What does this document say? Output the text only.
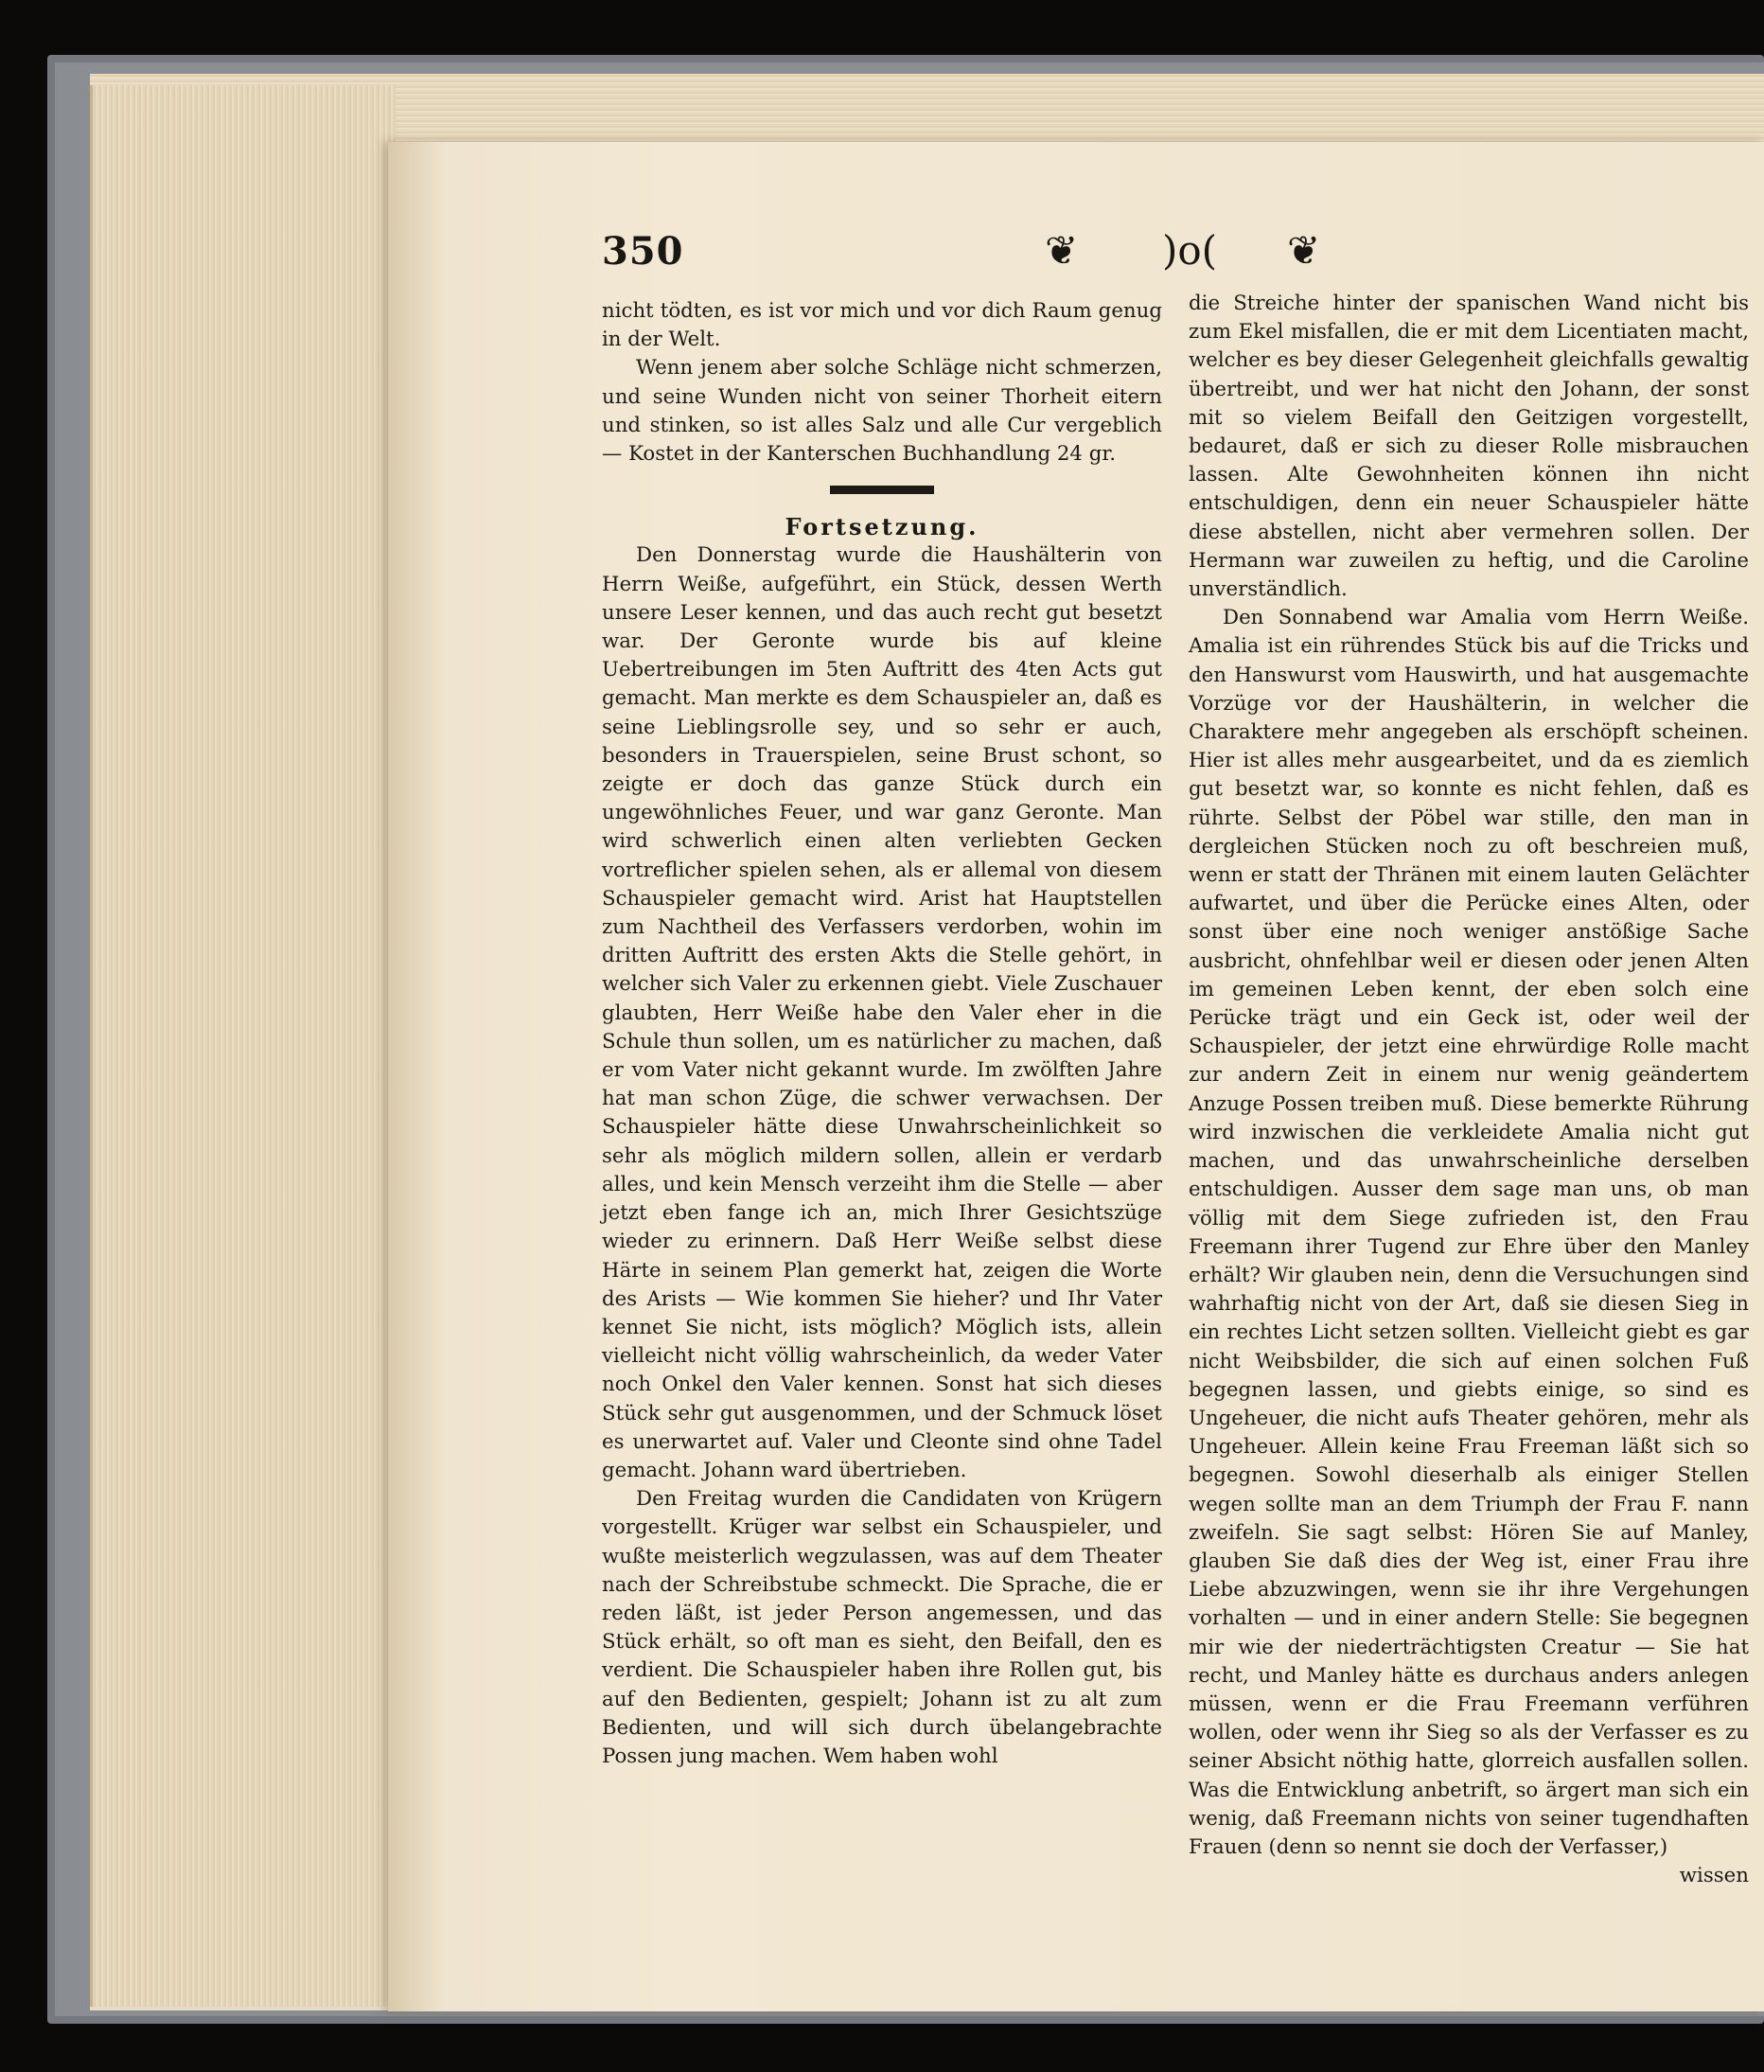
350	❦ )o( ❦

nicht tödten, es ist vor mich und vor dich Raum genug in der Welt.

Wenn jenem aber solche Schläge nicht schmerzen, und seine Wunden nicht von seiner Thorheit eitern und stinken, so ist alles Salz und alle Cur vergeblich — Kostet in der Kanterschen Buchhandlung 24 gr.

Fortsetzung.

Den Donnerstag wurde die Haushälterin von Herrn Weiße, aufgeführt, ein Stück, dessen Werth unsere Leser kennen, und das auch recht gut besetzt war. Der Geronte wurde bis auf kleine Uebertreibungen im 5ten Auftritt des 4ten Acts gut gemacht. Man merkte es dem Schauspieler an, daß es seine Lieblingsrolle sey, und so sehr er auch, besonders in Trauerspielen, seine Brust schont, so zeigte er doch das ganze Stück durch ein ungewöhnliches Feuer, und war ganz Geronte. Man wird schwerlich einen alten verliebten Gecken vortreflicher spielen sehen, als er allemal von diesem Schauspieler gemacht wird. Arist hat Hauptstellen zum Nachtheil des Verfassers verdorben, wohin im dritten Auftritt des ersten Akts die Stelle gehört, in welcher sich Valer zu erkennen giebt. Viele Zuschauer glaubten, Herr Weiße habe den Valer eher in die Schule thun sollen, um es natürlicher zu machen, daß er vom Vater nicht gekannt wurde. Im zwölften Jahre hat man schon Züge, die schwer verwachsen. Der Schauspieler hätte diese Unwahrscheinlichkeit so sehr als möglich mildern sollen, allein er verdarb alles, und kein Mensch verzeiht ihm die Stelle — aber jetzt eben fange ich an, mich Ihrer Gesichtszüge wieder zu erinnern. Daß Herr Weiße selbst diese Härte in seinem Plan gemerkt hat, zeigen die Worte des Arists — Wie kommen Sie hieher? und Ihr Vater kennet Sie nicht, ists möglich? Möglich ists, allein vielleicht nicht völlig wahrscheinlich, da weder Vater noch Onkel den Valer kennen. Sonst hat sich dieses Stück sehr gut ausgenommen, und der Schmuck löset es unerwartet auf. Valer und Cleonte sind ohne Tadel gemacht. Johann ward übertrieben.

Den Freitag wurden die Candidaten von Krügern vorgestellt. Krüger war selbst ein Schauspieler, und wußte meisterlich wegzulassen, was auf dem Theater nach der Schreibstube schmeckt. Die Sprache, die er reden läßt, ist jeder Person angemessen, und das Stück erhält, so oft man es sieht, den Beifall, den es verdient. Die Schauspieler haben ihre Rollen gut, bis auf den Bedienten, gespielt; Johann ist zu alt zum Bedienten, und will sich durch übelangebrachte Possen jung machen. Wem haben wohl

die Streiche hinter der spanischen Wand nicht bis zum Ekel misfallen, die er mit dem Licentiaten macht, welcher es bey dieser Gelegenheit gleichfalls gewaltig übertreibt, und wer hat nicht den Johann, der sonst mit so vielem Beifall den Geitzigen vorgestellt, bedauret, daß er sich zu dieser Rolle misbrauchen lassen. Alte Gewohnheiten können ihn nicht entschuldigen, denn ein neuer Schauspieler hätte diese abstellen, nicht aber vermehren sollen. Der Hermann war zuweilen zu heftig, und die Caroline unverständlich.

Den Sonnabend war Amalia vom Herrn Weiße. Amalia ist ein rührendes Stück bis auf die Tricks und den Hanswurst vom Hauswirth, und hat ausgemachte Vorzüge vor der Haushälterin, in welcher die Charaktere mehr angegeben als erschöpft scheinen. Hier ist alles mehr ausgearbeitet, und da es ziemlich gut besetzt war, so konnte es nicht fehlen, daß es rührte. Selbst der Pöbel war stille, den man in dergleichen Stücken noch zu oft beschreien muß, wenn er statt der Thränen mit einem lauten Gelächter aufwartet, und über die Perücke eines Alten, oder sonst über eine noch weniger anstößige Sache ausbricht, ohnfehlbar weil er diesen oder jenen Alten im gemeinen Leben kennt, der eben solch eine Perücke trägt und ein Geck ist, oder weil der Schauspieler, der jetzt eine ehrwürdige Rolle macht zur andern Zeit in einem nur wenig geändertem Anzuge Possen treiben muß. Diese bemerkte Rührung wird inzwischen die verkleidete Amalia nicht gut machen, und das unwahrscheinliche derselben entschuldigen. Ausser dem sage man uns, ob man völlig mit dem Siege zufrieden ist, den Frau Freemann ihrer Tugend zur Ehre über den Manley erhält? Wir glauben nein, denn die Versuchungen sind wahrhaftig nicht von der Art, daß sie diesen Sieg in ein rechtes Licht setzen sollten. Vielleicht giebt es gar nicht Weibsbilder, die sich auf einen solchen Fuß begegnen lassen, und giebts einige, so sind es Ungeheuer, die nicht aufs Theater gehören, mehr als Ungeheuer. Allein keine Frau Freeman läßt sich so begegnen. Sowohl dieserhalb als einiger Stellen wegen sollte man an dem Triumph der Frau F. nann zweifeln. Sie sagt selbst: Hören Sie auf Manley, glauben Sie daß dies der Weg ist, einer Frau ihre Liebe abzuzwingen, wenn sie ihr ihre Vergehungen vorhalten — und in einer andern Stelle: Sie begegnen mir wie der niederträchtigsten Creatur — Sie hat recht, und Manley hätte es durchaus anders anlegen müssen, wenn er die Frau Freemann verführen wollen, oder wenn ihr Sieg so als der Verfasser es zu seiner Absicht nöthig hatte, glorreich ausfallen sollen. Was die Entwicklung anbetrift, so ärgert man sich ein wenig, daß Freemann nichts von seiner tugendhaften Frauen (denn so nennt sie doch der Verfasser,)

wissen
